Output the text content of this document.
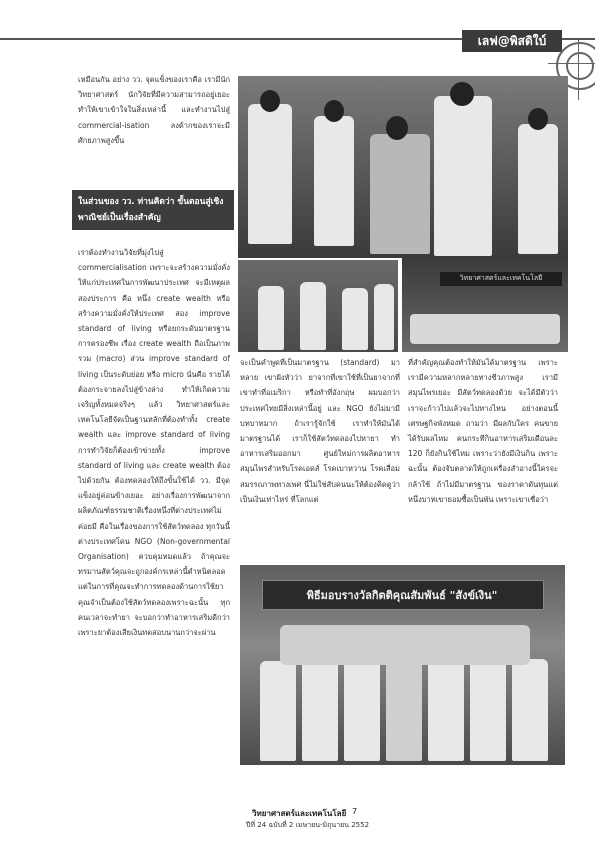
เลฟ@พิสดิใบ์
เหมือนกัน อย่าง วว. จุดแข็งของเราคือ เรามีนักวิทยาศาสตร์ นักวิจัยที่มีความสามารถอยู่เยอะ ทำให้เขาเข้าใจในสิ่งเหล่านี้ และทำงานไปสู่ commercial-isation ลงด้ากของเราจะมีศักยภาพสูงขึ้น
ในส่วนของ วว. ท่านคิดว่า ขั้นตอนสู่เชิงพาณิชย์เป็นเรื่องสำคัญ
เราต้องทำงานวิจัยที่มุ่งไปสู่ commercialisation เพราะจะสร้างความมั่งคั่งให้แก่ประเทศในการพัฒนาประเทศ จะมีเหตุผลสองประการ คือ หนึ่ง create wealth หรือสร้างความมั่งคั่งให้ประเทศ สอง improve standard of living หรือยกระดับมาตรฐานการครองชีพ เรื่อง create wealth ถือเป็นภาพรวม (macro) ส่วน improve standard of living เป็นระดับย่อย หรือ micro นั่นคือ รายได้ต้องกระจายลงไปสู่ข้างล่าง ทำให้เกิดความเจริญทั้งหมดจริงๆ แล้ว วิทยาศาสตร์และเทคโนโลยีจัดเป็นฐานหลักที่ต้องทำทั้ง create wealth และ improve standard of living การทำวิจัยก็ต้องเข้าข่ายทั้ง improve standard of living และ create wealth ต้องไปด้วยกัน ต้องทดลองให้ถึงขั้นใช้ได้ วว. มีจุดแข็งอยู่ค่อนข้างเยอะ อย่างเรื่องการพัฒนาจากผลิตภัณฑ์ธรรมชาติเรื่องหนึ่งที่ต่างประเทศไม่ค่อยมี คือในเรื่องของการใช้สัตว์ทดลอง ทุกวันนี้ ต่างประเทศโดน NGO (Non-governmental Organisation) ควบคุมหมดแล้ว ถ้าคุณจะทรมานสัตว์คุณจะถูกองค์กรเหล่านี้ตำหนิตลอด แต่ในการที่คุณจะทำการทดลองด้านการใช้ยา คุณจำเป็นต้องใช้สัตว์ทดลองเพราะฉะนั้น ทุกคนเวลาจะทำยา จะบอกว่าทำอาหารเสริมดีกว่า เพราะยาต้องเสียเงินทดสอบนานกว่าจะผ่าน
วิทยาศาสตร์และเทคโนโลยี
จะเป็นคำพูดที่เป็นมาตรฐาน (standard) มาหลาย เขาฝังหัวว่า ยาจากที่เขาใช้ที่เป็นยาจากที่เขาทำที่อเมริกา หรือทำที่อังกฤษ ผมบอกว่า ประเทศไทยมีสิ่งเหล่านี้อยู่ และ NGO ยังไม่มามีบทบาทมาก ถ้าเรารู้จักใช้ เราทำให้มันได้มาตรฐานได้ เราก็ใช้สัตว์ทดลองไปหายา ทำอาหารเสริมออกมา ศูนย์ใหม่การผลิตอาหารสมุนไพรสำหรับโรคเอดส์ โรคเบาหวาน โรคเสื่อมสมรรถภาพทางเพศ นี่ไม่ใช่สับคนนะให้ต้องคิดดูว่าเป็นเงินเท่าไหร่ ที่โลกแต่
ที่สำคัญคุณต้องทำให้มันได้มาตรฐาน เพราะเรามีความหลากหลายทางชีวภาพสูง เรามีสมุนไพรเยอะ มีสัตว์ทดลองด้วย จะได้มีตัวว่าเราจะก้าวไปแล้วจะไปทางไหน อย่างตอนนี้ เศรษฐกิจพังหมด ถามว่า มีผลกับใคร คนขายได้รับผลไหม คนกระทีกินอาหารเสริมเดือนละ 120 ก็ยังกินใช้ไหม เพราะว่ายังมีเงินกิน เพราะฉะนั้น ต้องจับตลาดให้ถูกเครื่องสำอางนี้ใครจะกล้าใช้ ถ้าไม่มีมาตรฐาน ของราคาดันทุนแต่หนึ่งบาทเขายอมซื้อเป็นพัน เพราะเขาเชื่อว่า
พิธีมอบรางวัลกิตติคุณสัมพันธ์ "สังข์เงิน"
วิทยาศาสตร์และเทคโนโลยี 7
ปีที่ 24 ฉบับที่ 2 เมษายน-มิถุนายน 2552
